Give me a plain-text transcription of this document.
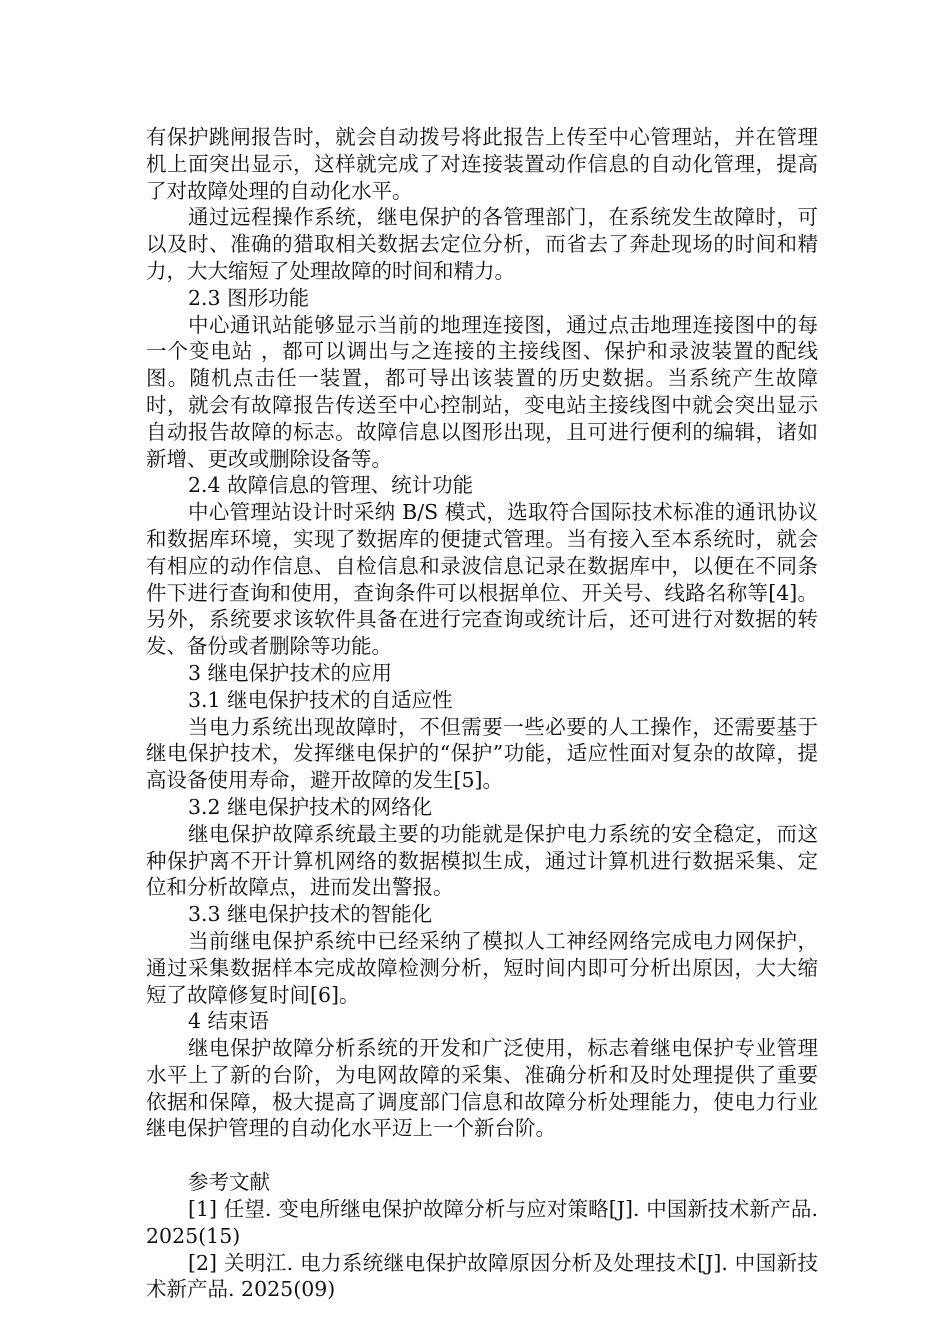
有保护跳闸报告时，就会自动拨号将此报告上传至中心管理站，并在管理机上面突出显示，这样就完成了对连接装置动作信息的自动化管理，提高了对故障处理的自动化水平。

通过远程操作系统，继电保护的各管理部门，在系统发生故障时，可以及时、准确的猎取相关数据去定位分析，而省去了奔赴现场的时间和精力，大大缩短了处理故障的时间和精力。

2.3 图形功能

中心通讯站能够显示当前的地理连接图，通过点击地理连接图中的每一个变电站 ，都可以调出与之连接的主接线图、保护和录波装置的配线图。随机点击任一装置，都可导出该装置的历史数据。当系统产生故障时，就会有故障报告传送至中心控制站，变电站主接线图中就会突出显示自动报告故障的标志。故障信息以图形出现，且可进行便利的编辑，诸如新增、更改或删除设备等。

2.4 故障信息的管理、统计功能

中心管理站设计时采纳 B/S 模式，选取符合国际技术标准的通讯协议和数据库环境，实现了数据库的便捷式管理。当有接入至本系统时，就会有相应的动作信息、自检信息和录波信息记录在数据库中，以便在不同条件下进行查询和使用，查询条件可以根据单位、开关号、线路名称等[4]。另外，系统要求该软件具备在进行完查询或统计后，还可进行对数据的转发、备份或者删除等功能。

3 继电保护技术的应用

3.1 继电保护技术的自适应性

当电力系统出现故障时，不但需要一些必要的人工操作，还需要基于继电保护技术，发挥继电保护的“保护”功能，适应性面对复杂的故障，提高设备使用寿命，避开故障的发生[5]。

3.2 继电保护技术的网络化

继电保护故障系统最主要的功能就是保护电力系统的安全稳定，而这种保护离不开计算机网络的数据模拟生成，通过计算机进行数据采集、定位和分析故障点，进而发出警报。

3.3 继电保护技术的智能化

当前继电保护系统中已经采纳了模拟人工神经网络完成电力网保护，通过采集数据样本完成故障检测分析，短时间内即可分析出原因，大大缩短了故障修复时间[6]。

4 结束语

继电保护故障分析系统的开发和广泛使用，标志着继电保护专业管理水平上了新的台阶，为电网故障的采集、准确分析和及时处理提供了重要依据和保障，极大提高了调度部门信息和故障分析处理能力，使电力行业继电保护管理的自动化水平迈上一个新台阶。

参考文献

[1] 任望. 变电所继电保护故障分析与应对策略[J]. 中国新技术新产品. 2025(15)

[2] 关明江. 电力系统继电保护故障原因分析及处理技术[J]. 中国新技术新产品. 2025(09)
